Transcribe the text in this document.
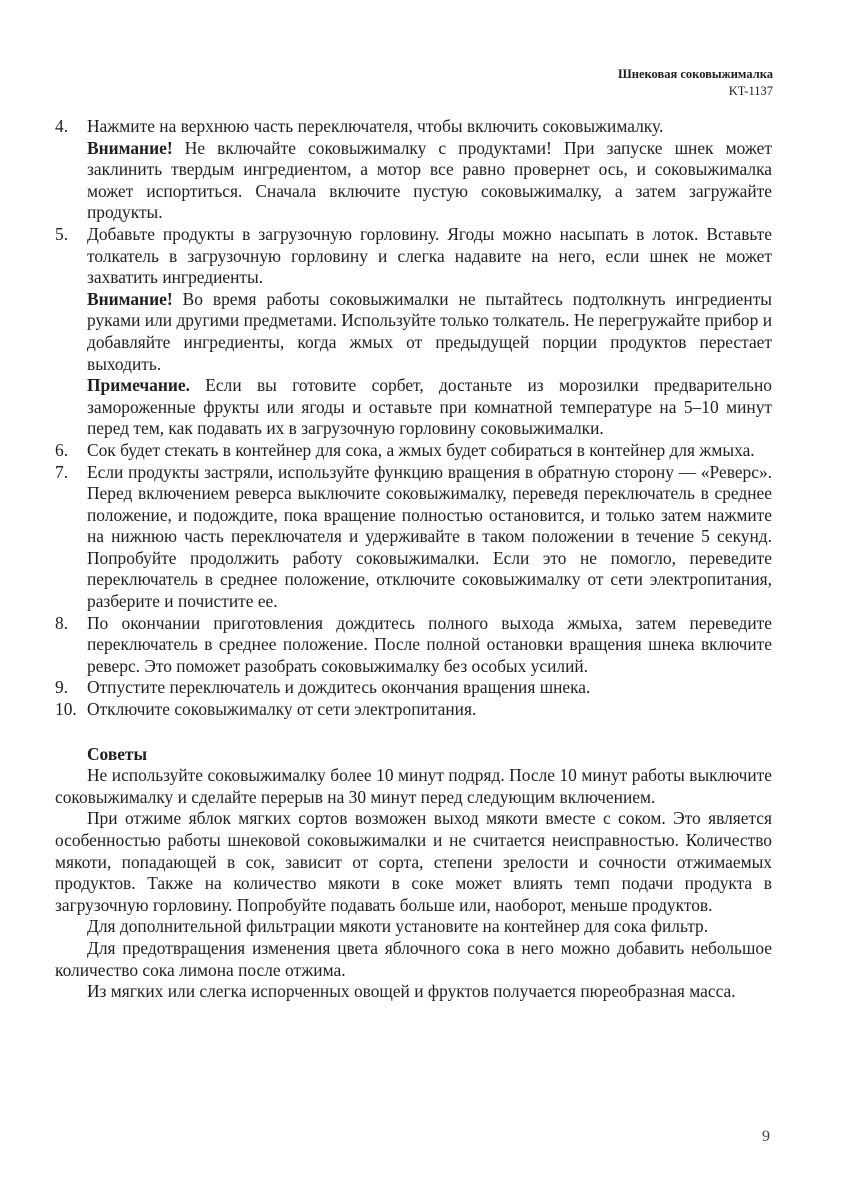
Шнековая соковыжималка
KT-1137
4. Нажмите на верхнюю часть переключателя, чтобы включить соковыжималку.

Внимание! Не включайте соковыжималку с продуктами! При запуске шнек может заклинить твердым ингредиентом, а мотор все равно провернет ось, и соковыжималка может испортиться. Сначала включите пустую соковыжималку, а затем загружайте продукты.

5. Добавьте продукты в загрузочную горловину. Ягоды можно насыпать в лоток. Вставьте толкатель в загрузочную горловину и слегка надавите на него, если шнек не может захватить ингредиенты.

Внимание! Во время работы соковыжималки не пытайтесь подтолкнуть ингредиенты руками или другими предметами. Используйте только толкатель. Не перегружайте прибор и добавляйте ингредиенты, когда жмых от предыдущей порции продуктов перестает выходить.

Примечание. Если вы готовите сорбет, достаньте из морозилки предварительно замороженные фрукты или ягоды и оставьте при комнатной температуре на 5–10 минут перед тем, как подавать их в загрузочную горловину соковыжималки.

6. Сок будет стекать в контейнер для сока, а жмых будет собираться в контейнер для жмыха.

7. Если продукты застряли, используйте функцию вращения в обратную сторону — «Реверс». Перед включением реверса выключите соковыжималку, переведя переключатель в среднее положение, и подождите, пока вращение полностью остановится, и только затем нажмите на нижнюю часть переключателя и удерживайте в таком положении в течение 5 секунд. Попробуйте продолжить работу соковыжималки. Если это не помогло, переведите переключатель в среднее положение, отключите соковыжималку от сети электропитания, разберите и почистите ее.

8. По окончании приготовления дождитесь полного выхода жмыха, затем переведите переключатель в среднее положение. После полной остановки вращения шнека включите реверс. Это поможет разобрать соковыжималку без особых усилий.

9. Отпустите переключатель и дождитесь окончания вращения шнека.

10. Отключите соковыжималку от сети электропитания.

Советы

Не используйте соковыжималку более 10 минут подряд. После 10 минут работы выключите соковыжималку и сделайте перерыв на 30 минут перед следующим включением.

При отжиме яблок мягких сортов возможен выход мякоти вместе с соком. Это является особенностью работы шнековой соковыжималки и не считается неисправностью. Количество мякоти, попадающей в сок, зависит от сорта, степени зрелости и сочности отжимаемых продуктов. Также на количество мякоти в соке может влиять темп подачи продукта в загрузочную горловину. Попробуйте подавать больше или, наоборот, меньше продуктов.

Для дополнительной фильтрации мякоти установите на контейнер для сока фильтр.

Для предотвращения изменения цвета яблочного сока в него можно добавить небольшое количество сока лимона после отжима.

Из мягких или слегка испорченных овощей и фруктов получается пюреобразная масса.

9
